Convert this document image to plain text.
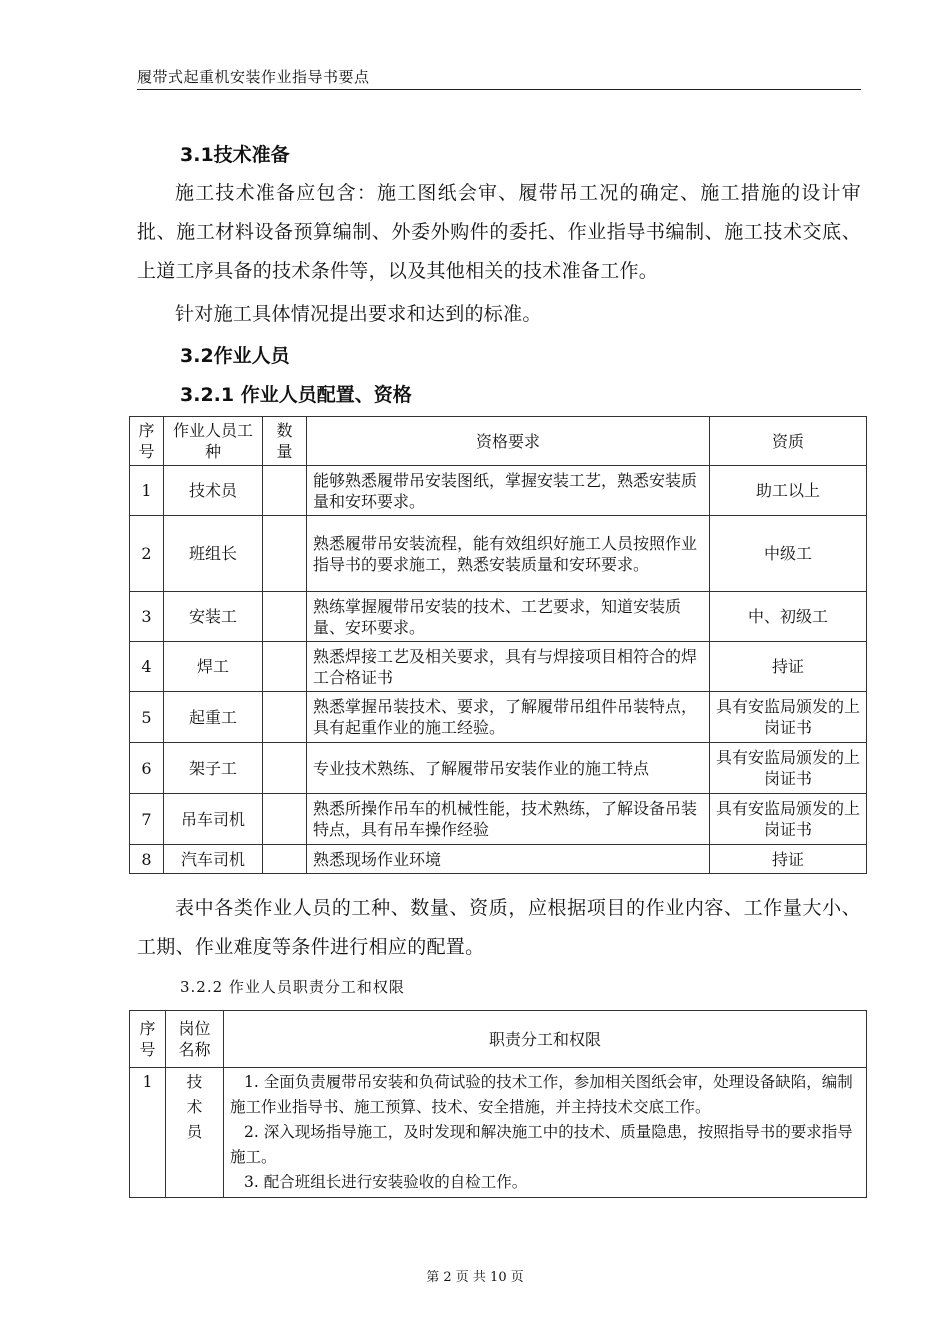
履带式起重机安装作业指导书要点
3.1技术准备
施工技术准备应包含：施工图纸会审、履带吊工况的确定、施工措施的设计审批、施工材料设备预算编制、外委外购件的委托、作业指导书编制、施工技术交底、上道工序具备的技术条件等，以及其他相关的技术准备工作。
针对施工具体情况提出要求和达到的标准。
3.2作业人员
3.2.1 作业人员配置、资格
序号	作业人员工种	数量	资格要求	资质
1	技术员		能够熟悉履带吊安装图纸，掌握安装工艺，熟悉安装质量和安环要求。	助工以上
2	班组长		熟悉履带吊安装流程，能有效组织好施工人员按照作业指导书的要求施工，熟悉安装质量和安环要求。	中级工
3	安装工		熟练掌握履带吊安装的技术、工艺要求，知道安装质量、安环要求。	中、初级工
4	焊工		熟悉焊接工艺及相关要求，具有与焊接项目相符合的焊工合格证书	持证
5	起重工		熟悉掌握吊装技术、要求，了解履带吊组件吊装特点，具有起重作业的施工经验。	具有安监局颁发的上岗证书
6	架子工		专业技术熟练、了解履带吊安装作业的施工特点	具有安监局颁发的上岗证书
7	吊车司机		熟悉所操作吊车的机械性能，技术熟练，了解设备吊装特点，具有吊车操作经验	具有安监局颁发的上岗证书
8	汽车司机		熟悉现场作业环境	持证
表中各类作业人员的工种、数量、资质，应根据项目的作业内容、工作量大小、工期、作业难度等条件进行相应的配置。
3.2.2 作业人员职责分工和权限
序号	岗位名称	职责分工和权限
1	技术员	1. 全面负责履带吊安装和负荷试验的技术工作，参加相关图纸会审，处理设备缺陷，编制施工作业指导书、施工预算、技术、安全措施，并主持技术交底工作。

2. 深入现场指导施工，及时发现和解决施工中的技术、质量隐患，按照指导书的要求指导施工。

3. 配合班组长进行安装验收的自检工作。

第 2 页 共 10 页
